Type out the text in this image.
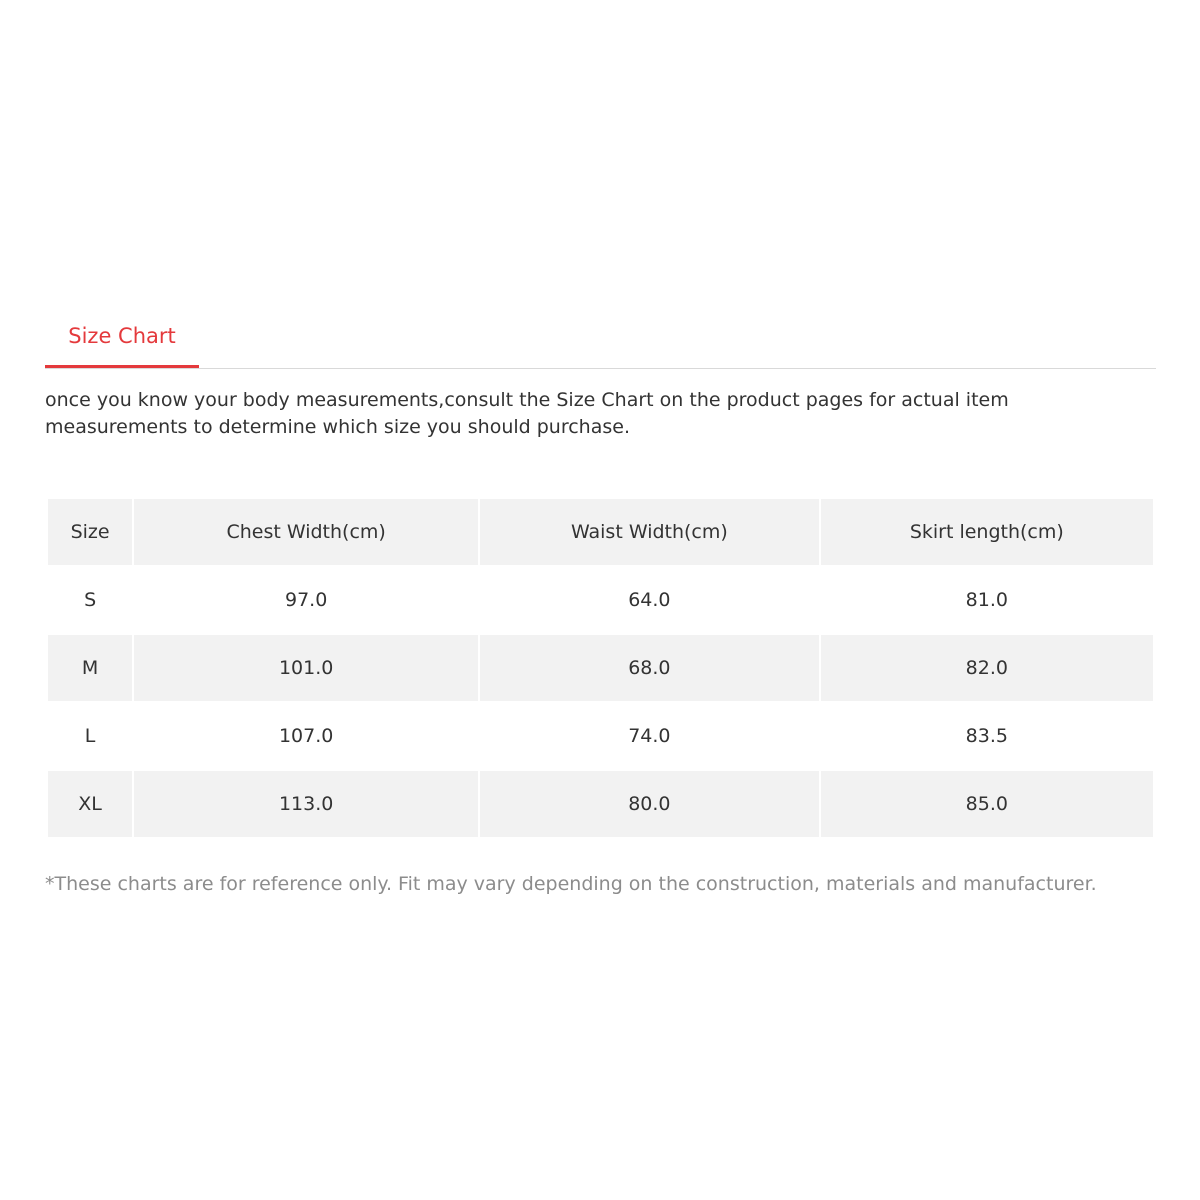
Size Chart

once you know your body measurements,consult the Size Chart on the product pages for actual item measurements to determine which size you should purchase.

Size	Chest Width(cm)	Waist Width(cm)	Skirt length(cm)
S	97.0	64.0	81.0
M	101.0	68.0	82.0
L	107.0	74.0	83.5
XL	113.0	80.0	85.0

*These charts are for reference only. Fit may vary depending on the construction, materials and manufacturer.
